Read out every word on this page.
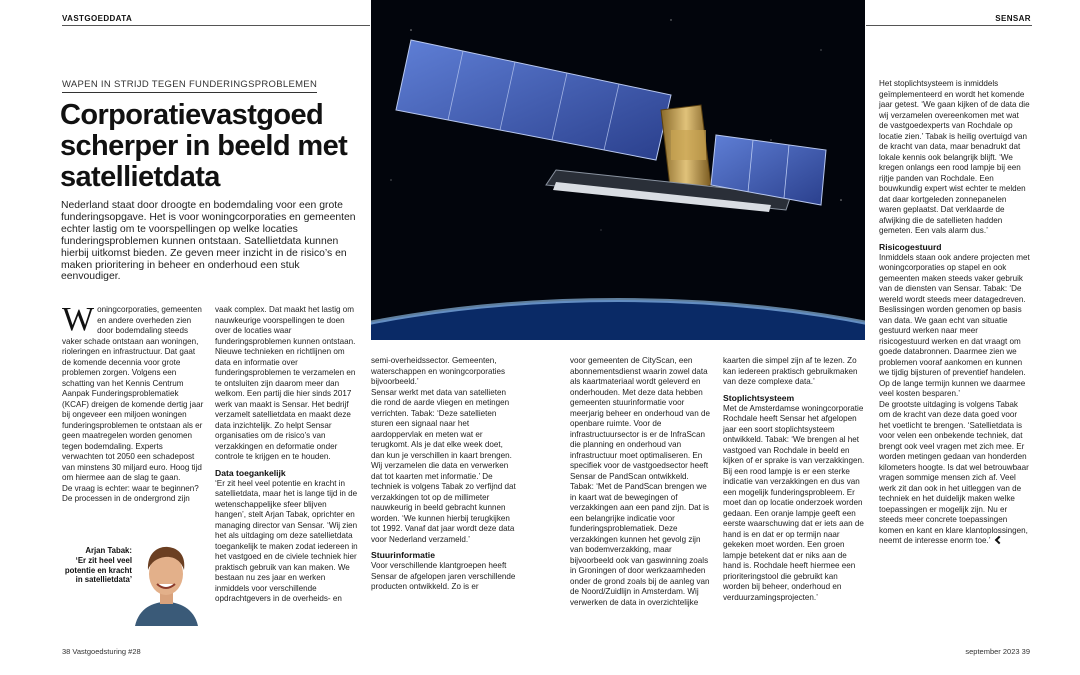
VASTGOEDDATA	SENSAR
WAPEN IN STRIJD TEGEN FUNDERINGSPROBLEMEN
Corporatievastgoed scherper in beeld met satellietdata

Nederland staat door droogte en bodemdaling voor een grote funderingsopgave. Het is voor woningcorporaties en gemeenten echter lastig om te voorspellingen op welke locaties funderingsproblemen kunnen ontstaan. Satellietdata kunnen hierbij uitkomst bieden. Ze geven meer inzicht in de risico’s en maken prioritering in beheer en onderhoud een stuk eenvoudiger.

Woningcorporaties, gemeenten en andere overheden zien door bodemdaling steeds vaker schade ontstaan aan woningen, rioleringen en infrastructuur. Dat gaat de komende decennia voor grote problemen zorgen. Volgens een schatting van het Kennis Centrum Aanpak Funderingsproblematiek (KCAF) dreigen de komende dertig jaar bij ongeveer een miljoen woningen funderingsproblemen te ontstaan als er geen maatregelen worden genomen tegen bodemdaling. Experts verwachten tot 2050 een schadepost van minstens 30 miljard euro. Hoog tijd om hiermee aan de slag te gaan.

De vraag is echter: waar te beginnen? De processen in de ondergrond zijn

Arjan Tabak:
‘Er zit heel veel potentie en kracht in satellietdata’

vaak complex. Dat maakt het lastig om nauwkeurige voorspellingen te doen over de locaties waar funderingsproblemen kunnen ontstaan. Nieuwe technieken en richtlijnen om data en informatie over funderingsproblemen te verzamelen en te ontsluiten zijn daarom meer dan welkom. Een partij die hier sinds 2017 werk van maakt is Sensar. Het bedrijf verzamelt satellietdata en maakt deze data inzichtelijk. Zo helpt Sensar organisaties om de risico’s van verzakkingen en deformatie onder controle te krijgen en te houden.

Data toegankelijk

‘Er zit heel veel potentie en kracht in satellietdata, maar het is lange tijd in de wetenschappelijke sfeer blijven hangen’, stelt Arjan Tabak, oprichter en managing director van Sensar. ‘Wij zien het als uitdaging om deze satellietdata toegankelijk te maken zodat iedereen in het vastgoed en de civiele techniek hier praktisch gebruik van kan maken. We bestaan nu zes jaar en werken inmiddels voor verschillende opdrachtgevers in de overheids- en

semi-overheidssector. Gemeenten, waterschappen en woningcorporaties bijvoorbeeld.’

Sensar werkt met data van satellieten die rond de aarde vliegen en metingen verrichten. Tabak: ‘Deze satellieten sturen een signaal naar het aardoppervlak en meten wat er terugkomt. Als je dat elke week doet, dan kun je verschillen in kaart brengen. Wij verzamelen die data en verwerken dat tot kaarten met informatie.’ De techniek is volgens Tabak zo verfijnd dat verzakkingen tot op de millimeter nauwkeurig in beeld gebracht kunnen worden. ‘We kunnen hierbij terugkijken tot 1992. Vanaf dat jaar wordt deze data voor Nederland verzameld.’

Stuurinformatie

Voor verschillende klantgroepen heeft Sensar de afgelopen jaren verschillende producten ontwikkeld. Zo is er

voor gemeenten de CityScan, een abonnementsdienst waarin zowel data als kaartmateriaal wordt geleverd en onderhouden. Met deze data hebben gemeenten stuurinformatie voor meerjarig beheer en onderhoud van de openbare ruimte. Voor de infrastructuursector is er de InfraScan die planning en onderhoud van infrastructuur moet optimaliseren. En specifiek voor de vastgoedsector heeft Sensar de PandScan ontwikkeld.

Tabak: ‘Met de PandScan brengen we in kaart wat de bewegingen of verzakkingen aan een pand zijn. Dat is een belangrijke indicatie voor funderingsproblematiek. Deze verzakkingen kunnen het gevolg zijn van bodemverzakking, maar bijvoorbeeld ook van gaswinning zoals in Groningen of door werkzaamheden onder de grond zoals bij de aanleg van de Noord/Zuidlijn in Amsterdam. Wij verwerken de data in overzichtelijke

kaarten die simpel zijn af te lezen. Zo kan iedereen praktisch gebruikmaken van deze complexe data.’

Stoplichtsysteem

Met de Amsterdamse woningcorporatie Rochdale heeft Sensar het afgelopen jaar een soort stoplichtsysteem ontwikkeld. Tabak: ‘We brengen al het vastgoed van Rochdale in beeld en kijken of er sprake is van verzakkingen. Bij een rood lampje is er een sterke indicatie van verzakkingen en dus van een mogelijk funderingsprobleem. Er moet dan op locatie onderzoek worden gedaan. Een oranje lampje geeft een eerste waarschuwing dat er iets aan de hand is en dat er op termijn naar gekeken moet worden. Een groen lampje betekent dat er niks aan de hand is. Rochdale heeft hiermee een prioriteringstool die gebruikt kan worden bij beheer, onderhoud en verduurzamingsprojecten.’

Het stoplichtsysteem is inmiddels geïmplementeerd en wordt het komende jaar getest. ‘We gaan kijken of de data die wij verzamelen overeenkomen met wat de vastgoedexperts van Rochdale op locatie zien.’ Tabak is heilig overtuigd van de kracht van data, maar benadrukt dat lokale kennis ook belangrijk blijft. ‘We kregen onlangs een rood lampje bij een rijtje panden van Rochdale. Een bouwkundig expert wist echter te melden dat daar kortgeleden zonnepanelen waren geplaatst. Dat verklaarde de afwijking die de satellieten hadden gemeten. Een vals alarm dus.’

Risicogestuurd

Inmiddels staan ook andere projecten met woningcorporaties op stapel en ook gemeenten maken steeds vaker gebruik van de diensten van Sensar. Tabak: ‘De wereld wordt steeds meer datagedreven. Beslissingen worden genomen op basis van data. We gaan echt van situatie gestuurd werken naar meer risicogestuurd werken en dat vraagt om goede databronnen. Daarmee zien we problemen vooraf aankomen en kunnen we tijdig bijsturen of preventief handelen. Op de lange termijn kunnen we daarmee veel kosten besparen.’

De grootste uitdaging is volgens Tabak om de kracht van deze data goed voor het voetlicht te brengen. ‘Satellietdata is voor velen een onbekende techniek, dat brengt ook veel vragen met zich mee. Er worden metingen gedaan van honderden kilometers hoogte. Is dat wel betrouwbaar vragen sommige mensen zich af. Veel werk zit dan ook in het uitleggen van de techniek en het duidelijk maken welke toepassingen er mogelijk zijn. Nu er steeds meer concrete toepassingen komen en kant en klare klantoplossingen, neemt de interesse enorm toe.’

38 Vastgoedsturing #28	september 2023 39
